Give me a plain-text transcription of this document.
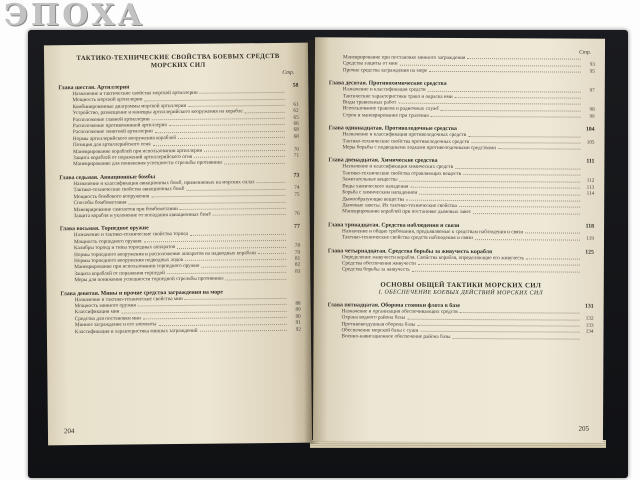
ТАКТИКО-ТЕХНИЧЕСКИЕ СВОЙСТВА БОЕВЫХ СРЕДСТВ
МОРСКИХ СИЛ
Стр.
Глава шестая. Артиллерия	58
Назначение и тактические свойства морской артиллерии
Мощность морской артиллерии
Комбинированные диаграммы морской артиллерии	61
Устройство, размещение и маневры артиллерийского вооружения на корабле	62
Расположение главной артиллерии	65
Расположение противоминной артиллерии	66
Расположение зенитной артиллерии	68
Нормы артиллерийского вооружения кораблей	68
Позиция для артиллерийского огня
Маневрирование кораблей при использовании артиллерии	70
Защита кораблей от поражений артиллерийского огня	71
Маневрирование для понижения успешности стрельбы противника
Глава седьмая. Авиационные бомбы	73
Назначение и классификация авиационных бомб, применяемых на морских силах
Тактико-технические свойства авиационных бомб	74
Мощность бомбового вооружения	75
Способы бомбометания
Маневрирование самолетов при бомбометании
Защита корабля и уклонение от попадания авиационных бомб	76
Глава восьмая. Торпедное оружие	77
Назначение и тактико-технические свойства торпед
Мощность торпедного оружия
Калибры торпед и типы торпедных аппаратов	78
Нормы торпедного вооружения и расположение аппаратов на надводных кораблях	79
Нормы торпедного вооружения подводных лодок	81
Маневрирование при использовании торпедного оружия	82
Защита кораблей от поражения торпедой	83
Меры для понижения успешности торпедной стрельбы противника
Глава девятая. Мины и прочие средства заграждения на море
Назначение и тактико-технические свойства мин
Мощность минного оружия	88
Классификация мин	89
Средства для постановки мин	90
Минное заграждение и его элементы	91
Классификация и характеристика минных заграждений	92
204
Стр.
Маневрирование при постановке минного заграждения
Средства защиты от мин	93
Прочие средства заграждения на море	95
Глава десятая. Противохимические средства
Назначение и классификация средств	97
Тактические характеристики травл и окраска ими
Виды травильных работ
Использование травлов и радиочных служб	98
Строи и маневрирование при тралении	99
Глава одиннадцатая. Противолодочные средства	104
Назначение и классификация противолодочных средств
Тактико-технические свойства противолодочных средств	105
Меры борьбы с подводными лодками противолодочными средствами
Глава двенадцатая. Химические средства	111
Назначение и классификация химических средств
Тактико-технические свойства отравляющих веществ
Зажигательные вещества	112
Виды химического нападения	113
Борьба с химическим нападением	114
Дымообразующие вещества
Дымовые завесы. Их тактико-технические свойства
Маневрирование кораблей при постановке дымовых завес
Глава тринадцатая. Средства наблюдения и связи	118
Назначение и общие требования, предъявляемые к средствам наблюдения и связи
Тактико-технические свойства средств наблюдения и связи	119
Глава четырнадцатая. Средства борьбы за живучесть корабля	125
Определение живучести корабля. Свойства корабля, определяющие его живучесть
Средства обеспечения живучести
Средства борьбы за живучесть
ОСНОВЫ ОБЩЕЙ ТАКТИКИ МОРСКИХ СИЛ
I. ОБЕСПЕЧЕНИЕ БОЕВЫХ ДЕЙСТВИЙ МОРСКИХ СИЛ
Глава пятнадцатая. Оборона стоянки флота в базе	131
Назначение и организация обеспечивающих средств
Охрана водного района базы	132
Противовоздушная оборона базы	133
Обеспечение морской базы с суши	134
Военно-навигационное обеспечение района базы
205
ЭПОХА
